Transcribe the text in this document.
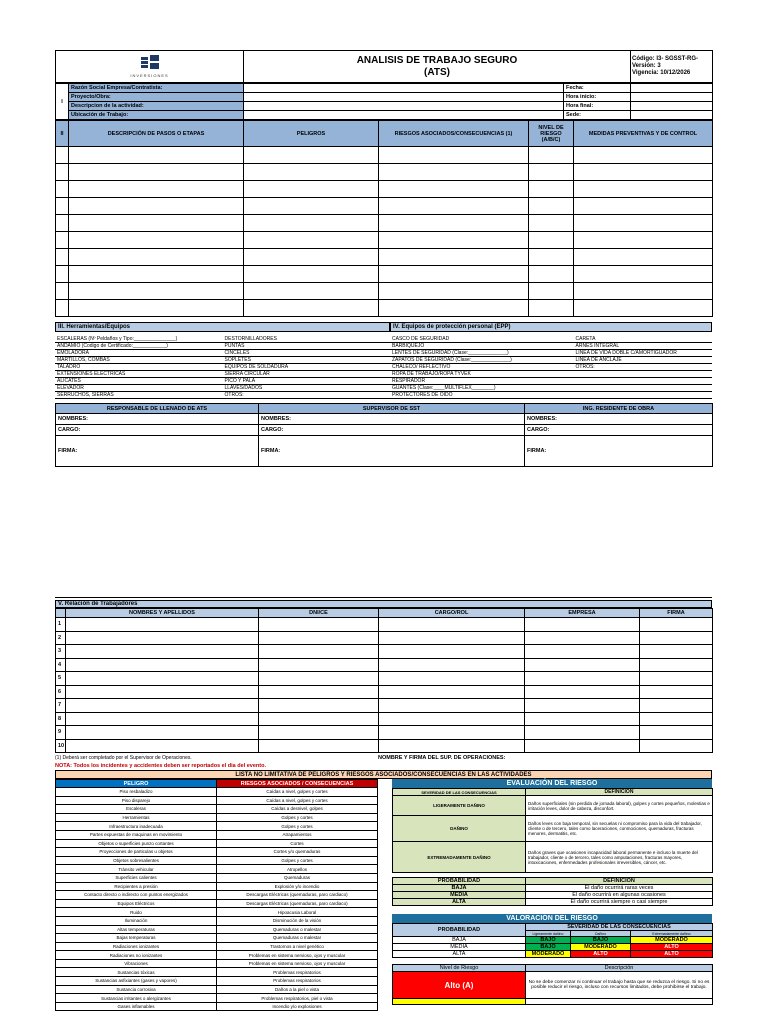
INVERSIONES

ANALISIS DE TRABAJO SEGURO
(ATS)

Código: I3- SGSST-RG-
Versión: 3
Vigencia: 10/12/2026
I	Razón Social Empresa/Contratista:		Fecha:	
	Proyecto/Obra:		Hora inicio:	
	Descripcion de la actividad:		Hora final:	
	Ubicación de Trabajo:		Sede:	
II	DESCRIPCIÓN DE PASOS O ETAPAS	PELIGROS	RIESGOS ASOCIADOS/CONSECUENCIAS (1)	NIVEL DE RIESGO (A/B/C)	MEDIDAS PREVENTIVAS Y DE CONTROL

III. Herramientas/Equipos
ESCALERAS (Nº Peldaños y Tipo:_______________)	DESTORNILLADORES
ANDAMIO (Codigo de Certificado:____________)	PUNTAS
EMOLADORA	CINCELES
MARTILLOS, COMBAS	SOPLETES
TALADRO	EQUIPOS DE SOLDADURA
EXTENSIONES ELECTRICAS	SIERRA CIRCULAR
ALICATES	PICO Y PALA
ELEVADOR	LLAVES/DADOS
SERRUCHOS, SIERRAS	OTROS:
IV. Equipos de protección personal (EPP)
CASCO DE SEGURIDAD	CARETA
BARBIQUEJO	ARNES INTEGRAL
LENTES DE SEGURIDAD (Clase:______________)	LINEA DE VIDA DOBLE C/AMORTIGUADOR
ZAPATOS DE SEGURIDAD (Clase:______________)	LINEA DE ANCLAJE
CHALECO/ REFLECTIVO	OTROS:
ROPA DE TRABAJO/ROPA TYVEK	
RESPIRADOR	
GUANTES (Clase:____MULTIFLEX________)	
PROTECTORES DE OIDO	
RESPONSABLE DE LLENADO DE ATS	SUPERVISOR DE SST	ING. RESIDENTE DE OBRA
NOMBRES:	NOMBRES:	NOMBRES:
CARGO:	CARGO:	CARGO:
FIRMA:	FIRMA:	FIRMA:
V. Relación de Trabajadores
	NOMBRES Y APELLIDOS	DNI/CE	CARGO/ROL	EMPRESA	FIRMA
1					
2					
3					
4					
5					
6					
7					
8					
9					
10					
(1) Deberá ser completado por el Supervisor de Operaciones.	NOMBRE Y FIRMA DEL SUP. DE OPERACIONES:
NOTA: Todos los incidentes y accidentes deben ser reportados el dia del evento.
LISTA NO LIMITATIVA DE PELIGROS Y RIESGOS ASOCIADOS/CONSECUENCIAS EN LAS ACTIVIDADES
PELIGRO	RIESGOS ASOCIADOS / CONSECUENCIAS
Piso resbaladizo	Caídas a nivel, golpes y cortes
Piso disparejo	Caídas a nivel, golpes y cortes
Escaleras	Caídas a desnivel, golpes
Herramientas	Golpes y cortes
Infraestructura inadecuada	Golpes y cortes
Partes expuestas de maquinas en movimiento	Atrapamientos
Objetos o superficies punzo cortantes	Cortes
Proyecciones de particulas u objetos	Cortes y/o quemaduras
Objetos sobresalientes	Golpes y cortes
Tránsito vehicular	Atropellos
Superficies calientes	Quemaduras
Recipientes a presión	Explosión y/o incendio
Contacto directo o indirecto con puntos energizados	Descargas Eléctricas (quemaduras, paro cardiaco)
Equipos Eléctricos	Descargas Eléctricas (quemaduras, paro cardiaco)
Ruido	Hipoacusia Laboral
Iluminación	Disminución de la visión
Altas temperaturas	Quemaduras o malestar
Bajas temperaturas	Quemaduras o malestar
Radiaciones ionizantes	Trastornos a nivel genético
Radiaciones no ionizantes	Problemas en sistema nervioso, ojos y muscular
Vibraciones	Problemas en sistema nervioso, ojos y muscular
Sustancias tóxicas	Problemas respiratorios
Sustancias asfixiantes (gases y vapores)	Problemas respiratorios
Sustancia corrosiva	Daños a la piel o vista
Sustancias irritantes o alergizantes	Problemas respiratorios, piel o vista
Gases inflamables	Incendio y/o explosiones
EVALUACIÓN DEL RIESGO
SEVERIDAD DE LAS CONSECUENCIAS	DEFINICIÓN
LIGERAMENTE DAÑINO	Daños superficiales (sin perdida de jornada laboral), golpes y cortes pequeños, molestias e irritación leves, dolor de cabeza, disconfort.
DAÑINO	Daños leves con baja temporal, sin secuelas ni compromiso para la vida del trabajador, cliente o de tercero, tales como laceraciones, conmociones, quemaduras, fracturas menores, dermatitis, etc.
EXTREMADAMENTE DAÑINO	Daños graves que ocasionen incapacidad laboral permanente e incluso la muerte del trabajador, cliente o de tercero, tales como amputaciones, fracturas mayores, intoxicaciones, enfermedades profesionales irreversibles, cáncer, etc.
PROBABILIDAD	DEFINICIÓN
BAJA	El daño ocurrirá raras veces
MEDIA	El daño ocurrirá en algunas ocasiones
ALTA	El daño ocurrirá siempre o casi siempre
VALORACIÓN DEL RIESGO
PROBABILIDAD	SEVERIDAD DE LAS CONSECUENCIAS		
	Ligeramente dañino	Dañino	Extremadamente dañino
BAJA	BAJO	BAJO	MODERADO
MEDIA	BAJO	MODERADO	ALTO
ALTA	MODERADO	ALTO	ALTO
Nivel de Riesgo	Descripción
Alto (A)	No se debe comenzar ni continuar el trabajo hasta que se reduzca el riesgo. Si no es posible reducir el riesgo, incluso con recursos limitados, debe prohibirse el trabajo.
